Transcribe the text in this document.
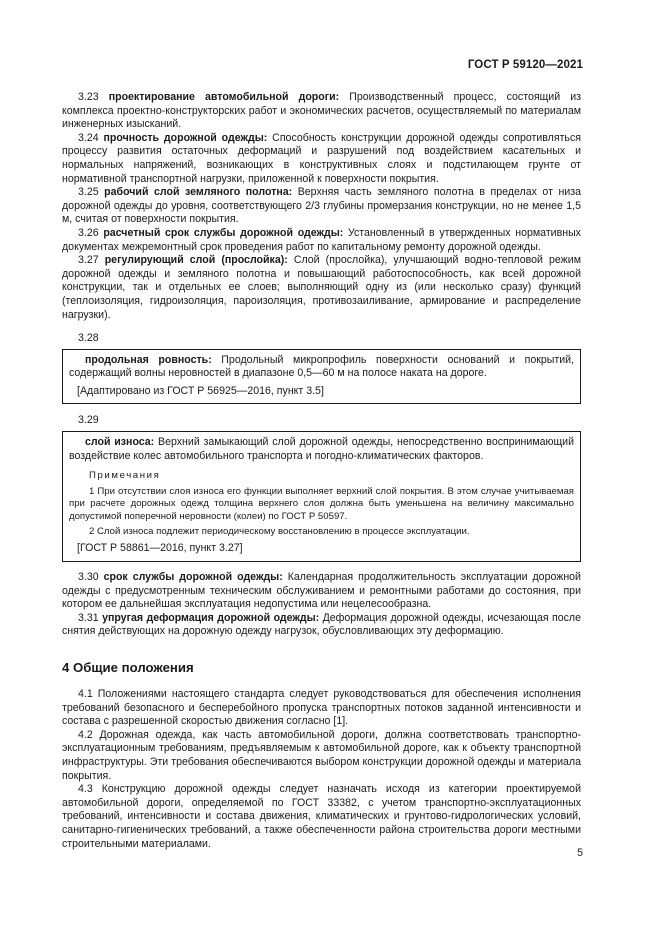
ГОСТ Р 59120—2021

3.23 проектирование автомобильной дороги: Производственный процесс, состоящий из комплекса проектно-конструкторских работ и экономических расчетов, осуществляемый по материалам инженерных изысканий.

3.24 прочность дорожной одежды: Способность конструкции дорожной одежды сопротивляться процессу развития остаточных деформаций и разрушений под воздействием касательных и нормальных напряжений, возникающих в конструктивных слоях и подстилающем грунте от нормативной транспортной нагрузки, приложенной к поверхности покрытия.

3.25 рабочий слой земляного полотна: Верхняя часть земляного полотна в пределах от низа дорожной одежды до уровня, соответствующего 2/3 глубины промерзания конструкции, но не менее 1,5 м, считая от поверхности покрытия.

3.26 расчетный срок службы дорожной одежды: Установленный в утвержденных нормативных документах межремонтный срок проведения работ по капитальному ремонту дорожной одежды.

3.27 регулирующий слой (прослойка): Слой (прослойка), улучшающий водно-тепловой режим дорожной одежды и земляного полотна и повышающий работоспособность, как всей дорожной конструкции, так и отдельных ее слоев; выполняющий одну из (или несколько сразу) функций (теплоизоляция, гидроизоляция, пароизоляция, противозаиливание, армирование и распределение нагрузки).

3.28

продольная ровность: Продольный микропрофиль поверхности оснований и покрытий, содержащий волны неровностей в диапазоне 0,5—60 м на полосе наката на дороге.

[Адаптировано из ГОСТ Р 56925—2016, пункт 3.5]

3.29

слой износа: Верхний замыкающий слой дорожной одежды, непосредственно воспринимающий воздействие колес автомобильного транспорта и погодно-климатических факторов.

Примечания

1 При отсутствии слоя износа его функции выполняет верхний слой покрытия. В этом случае учитываемая при расчете дорожных одежд толщина верхнего слоя должна быть уменьшена на величину максимально допустимой поперечной неровности (колеи) по ГОСТ Р 50597.

2 Слой износа подлежит периодическому восстановлению в процессе эксплуатации.

[ГОСТ Р 58861—2016, пункт 3.27]

3.30 срок службы дорожной одежды: Календарная продолжительность эксплуатации дорожной одежды с предусмотренным техническим обслуживанием и ремонтными работами до состояния, при котором ее дальнейшая эксплуатация недопустима или нецелесообразна.

3.31 упругая деформация дорожной одежды: Деформация дорожной одежды, исчезающая после снятия действующих на дорожную одежду нагрузок, обусловливающих эту деформацию.

4 Общие положения

4.1 Положениями настоящего стандарта следует руководствоваться для обеспечения исполнения требований безопасного и бесперебойного пропуска транспортных потоков заданной интенсивности и состава с разрешенной скоростью движения согласно [1].

4.2 Дорожная одежда, как часть автомобильной дороги, должна соответствовать транспортно-эксплуатационным требованиям, предъявляемым к автомобильной дороге, как к объекту транспортной инфраструктуры. Эти требования обеспечиваются выбором конструкции дорожной одежды и материала покрытия.

4.3 Конструкцию дорожной одежды следует назначать исходя из категории проектируемой автомобильной дороги, определяемой по ГОСТ 33382, с учетом транспортно-эксплуатационных требований, интенсивности и состава движения, климатических и грунтово-гидрологических условий, санитарно-гигиенических требований, а также обеспеченности района строительства дороги местными строительными материалами.

5
